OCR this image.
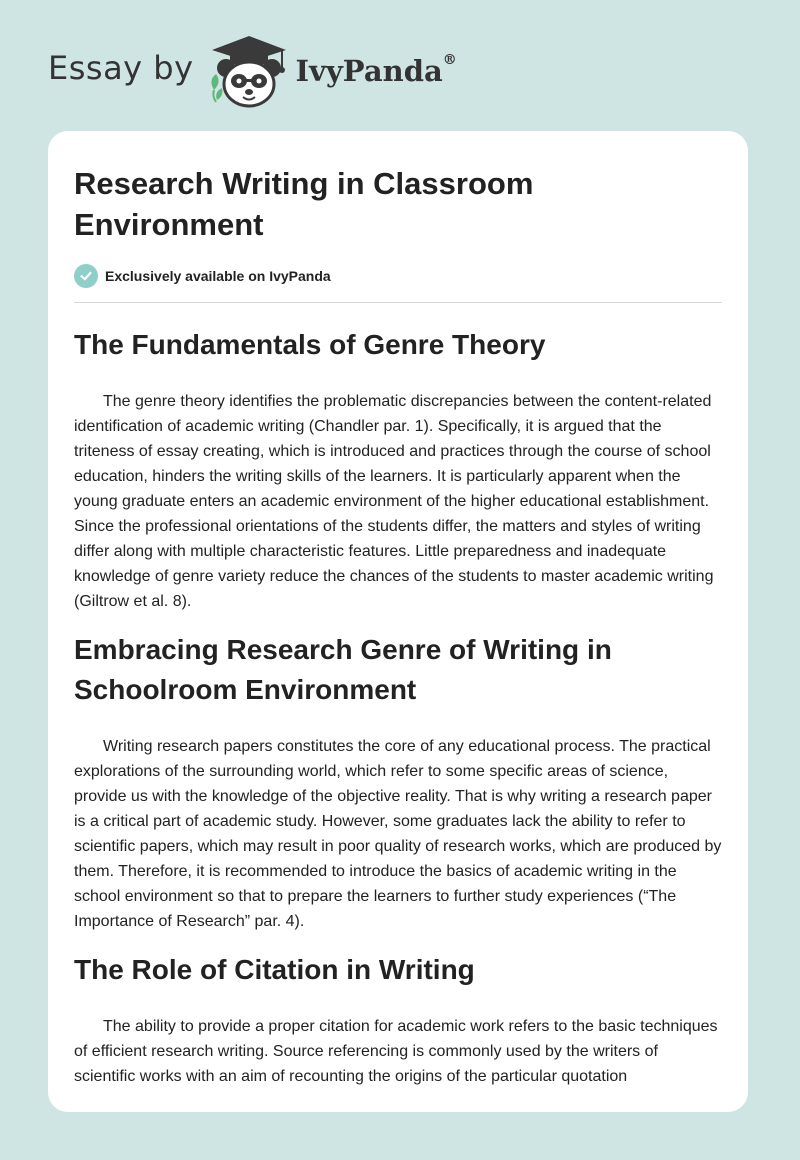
Essay by	IvyPanda®
Research Writing in Classroom Environment
Exclusively available on IvyPanda
The Fundamentals of Genre Theory

The genre theory identifies the problematic discrepancies between the content-related identification of academic writing (Chandler par. 1). Specifically, it is argued that the triteness of essay creating, which is introduced and practices through the course of school education, hinders the writing skills of the learners. It is particularly apparent when the young graduate enters an academic environment of the higher educational establishment. Since the professional orientations of the students differ, the matters and styles of writing differ along with multiple characteristic features. Little preparedness and inadequate knowledge of genre variety reduce the chances of the students to master academic writing (Giltrow et al. 8).

Embracing Research Genre of Writing in Schoolroom Environment

Writing research papers constitutes the core of any educational process. The practical explorations of the surrounding world, which refer to some specific areas of science, provide us with the knowledge of the objective reality. That is why writing a research paper is a critical part of academic study. However, some graduates lack the ability to refer to scientific papers, which may result in poor quality of research works, which are produced by them. Therefore, it is recommended to introduce the basics of academic writing in the school environment so that to prepare the learners to further study experiences (“The Importance of Research” par. 4).

The Role of Citation in Writing

The ability to provide a proper citation for academic work refers to the basic techniques of efficient research writing. Source referencing is commonly used by the writers of scientific works with an aim of recounting the origins of the particular quotation
